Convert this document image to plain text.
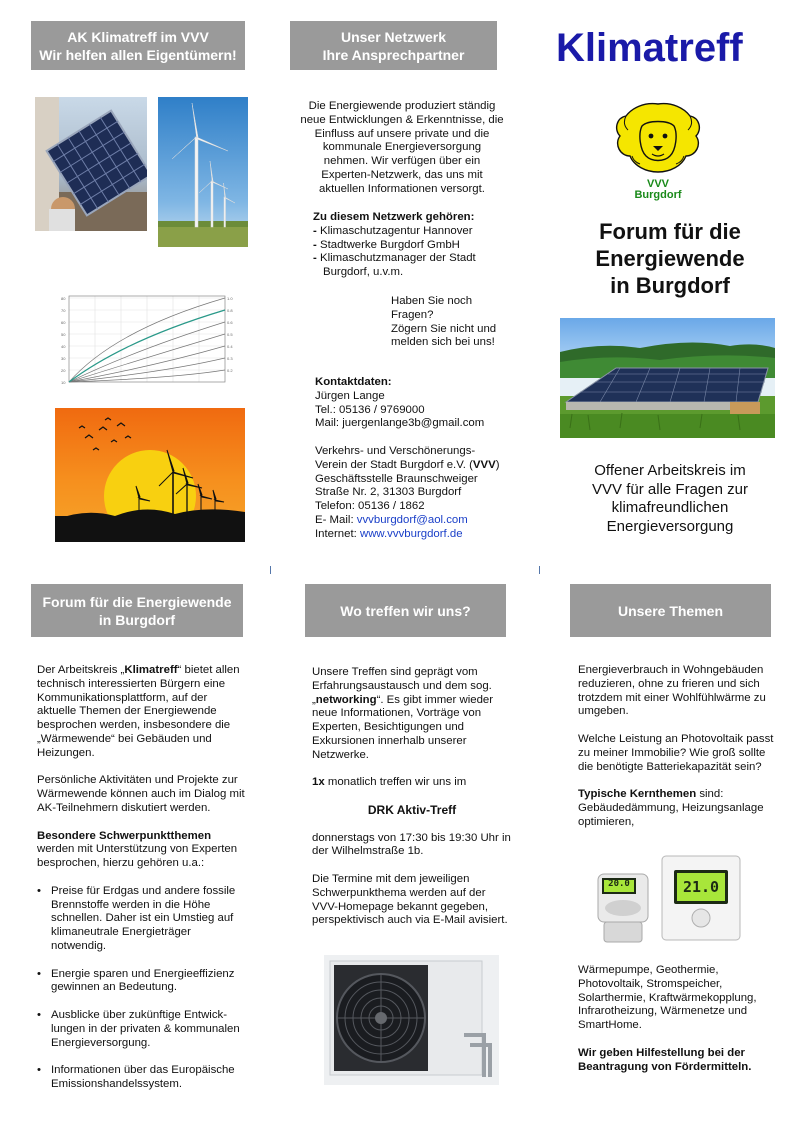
AK Klimatreff im VVV
Wir helfen allen Eigentümern!
80
70
60
50
40
30
20
10
1.0
0.8
0.6
0.5
0.4
0.3
0.2
Unser Netzwerk
Ihre Ansprechpartner
Die Energiewende produziert ständig
neue Entwicklungen & Erkenntnisse, die
Einfluss auf unsere private und die
kommunale Energieversorgung
nehmen. Wir verfügen über ein
Experten-Netzwerk, das uns mit
aktuellen Informationen versorgt.
Zu diesem Netzwerk gehören:
- Klimaschutzagentur Hannover
- Stadtwerke Burgdorf GmbH
- Klimaschutzmanager der Stadt Burgdorf, u.v.m.
Haben Sie noch
Fragen?
Zögern Sie nicht und
melden sich bei uns!
Kontaktdaten:
Jürgen Lange
Tel.: 05136 / 9769000
Mail: juergenlange3b@gmail.com
Verkehrs- und Verschönerungs-
Verein der Stadt Burgdorf e.V. (VVV)
Geschäftsstelle Braunschweiger
Straße Nr. 2, 31303 Burgdorf
Telefon: 05136 / 1862
E- Mail: vvvburgdorf@aol.com
Internet: www.vvvburgdorf.de
Klimatreff
VVV
Burgdorf
Forum für die
Energiewende
in Burgdorf
Offener Arbeitskreis im
VVV für alle Fragen zur
klimafreundlichen
Energieversorgung
Forum für die Energiewende
in Burgdorf

Der Arbeitskreis „Klimatreff“ bietet allen technisch interessierten Bürgern eine Kommunikationsplattform, auf der aktuelle Themen der Energiewende besprochen werden, insbesondere die „Wärmewende“ bei Gebäuden und Heizungen.

Persönliche Aktivitäten und Projekte zur Wärmewende können auch im Dialog mit AK-Teilnehmern diskutiert werden.

Besondere Schwerpunktthemen
werden mit Unterstützung von Experten besprochen, hierzu gehören u.a.:

• Preise für Erdgas und andere fossile Brennstoffe werden in die Höhe schnellen. Daher ist ein Umstieg auf klimaneutrale Energieträger notwendig.
• Energie sparen und Energieeffizienz gewinnen an Bedeutung.
• Ausblicke über zukünftige Entwick-lungen in der privaten & kommunalen Energieversorgung.
• Informationen über das Europäische Emissionshandelssystem.
Wo treffen wir uns?

Unsere Treffen sind geprägt vom Erfahrungsaustausch und dem sog. „networking“. Es gibt immer wieder neue Informationen, Vorträge von Experten, Besichtigungen und Exkursionen innerhalb unserer Netzwerke.

1x monatlich treffen wir uns im

DRK Aktiv-Treff

donnerstags von 17:30 bis 19:30 Uhr in der Wilhelmstraße 1b.

Die Termine mit dem jeweiligen Schwerpunkthema werden auf der VVV-Homepage bekannt gegeben, perspektivisch auch via E-Mail avisiert.

Unsere Themen

Energieverbrauch in Wohngebäuden reduzieren, ohne zu frieren und sich trotzdem mit einer Wohlfühlwärme zu umgeben.

Welche Leistung an Photovoltaik passt zu meiner Immobilie? Wie groß sollte die benötigte Batteriekapazität sein?

Typische Kernthemen sind: Gebäudedämmung, Heizungsanlage optimieren,

20.0	21.0

Wärmepumpe, Geothermie, Photovoltaik, Stromspeicher, Solarthermie, Kraftwärmekopplung, Infrarotheizung, Wärmenetze und SmartHome.

Wir geben Hilfestellung bei der Beantragung von Fördermitteln.
